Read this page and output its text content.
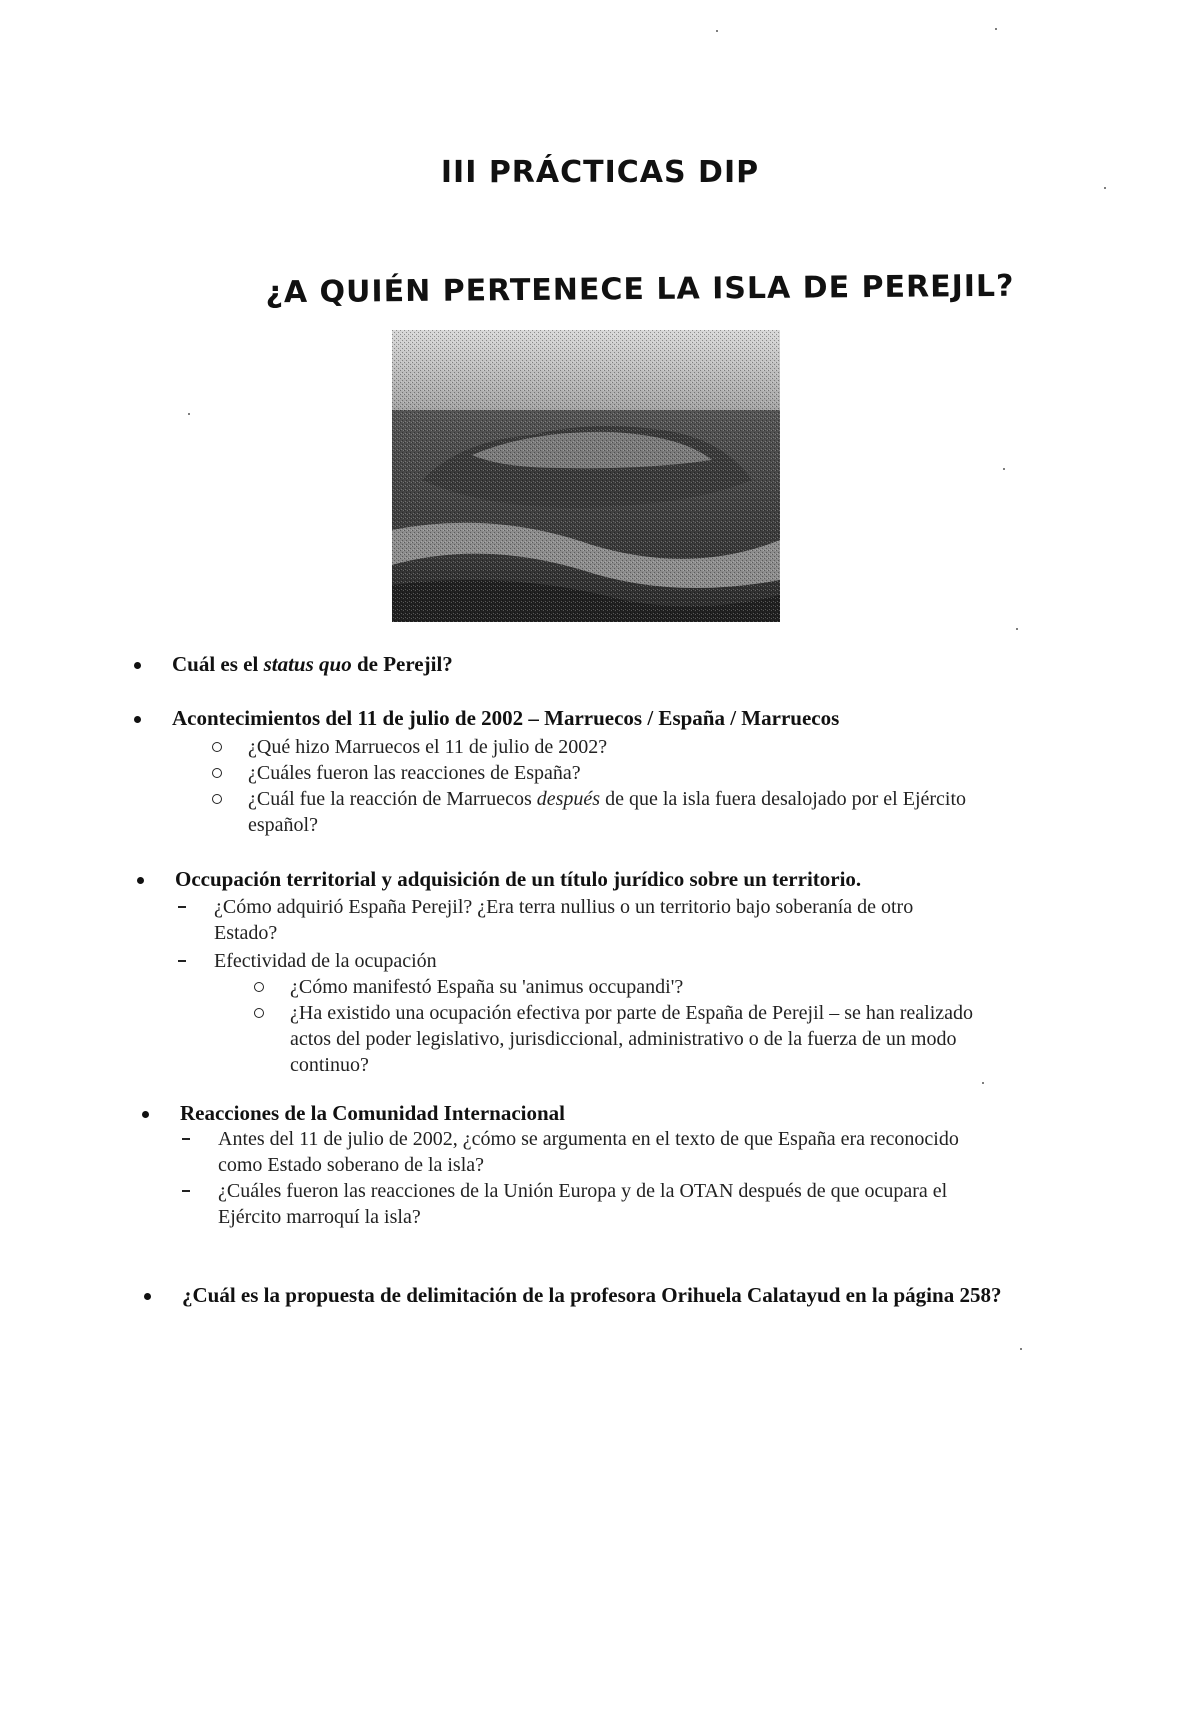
III PRÁCTICAS DIP
¿A QUIÉN PERTENECE LA ISLA DE PEREJIL?
Cuál es el status quo de Perejil?
Acontecimientos del 11 de julio de 2002 – Marruecos / España / Marruecos
¿Qué hizo Marruecos el 11 de julio de 2002?
¿Cuáles fueron las reacciones de España?
¿Cuál fue la reacción de Marruecos después de que la isla fuera desalojado por el Ejército
español?
Occupación territorial y adquisición de un título jurídico sobre un territorio.
¿Cómo adquirió España Perejil? ¿Era terra nullius o un territorio bajo soberanía de otro
Estado?
Efectividad de la ocupación
¿Cómo manifestó España su 'animus occupandi'?
¿Ha existido una ocupación efectiva por parte de España de Perejil – se han realizado
actos del poder legislativo, jurisdiccional, administrativo o de la fuerza de un modo
continuo?
Reacciones de la Comunidad Internacional
Antes del 11 de julio de 2002, ¿cómo se argumenta en el texto de que España era reconocido
como Estado soberano de la isla?
¿Cuáles fueron las reacciones de la Unión Europa y de la OTAN después de que ocupara el
Ejército marroquí la isla?
¿Cuál es la propuesta de delimitación de la profesora Orihuela Calatayud en la página 258?
